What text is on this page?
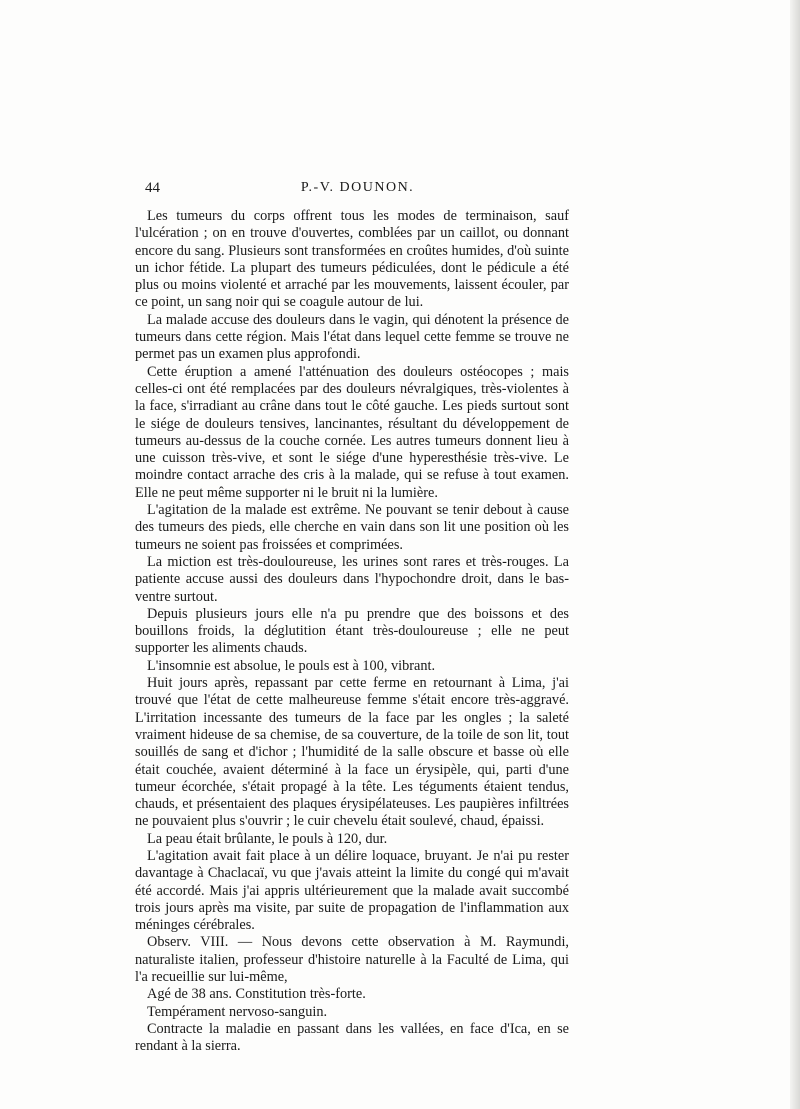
44	P.-V. DOUNON.

Les tumeurs du corps offrent tous les modes de terminaison, sauf l'ulcération ; on en trouve d'ouvertes, comblées par un caillot, ou donnant encore du sang. Plusieurs sont transformées en croûtes humides, d'où suinte un ichor fétide. La plupart des tumeurs pédiculées, dont le pédicule a été plus ou moins violenté et arraché par les mouvements, laissent écouler, par ce point, un sang noir qui se coagule autour de lui.

La malade accuse des douleurs dans le vagin, qui dénotent la présence de tumeurs dans cette région. Mais l'état dans lequel cette femme se trouve ne permet pas un examen plus approfondi.

Cette éruption a amené l'atténuation des douleurs ostéocopes ; mais celles-ci ont été remplacées par des douleurs névralgiques, très-violentes à la face, s'irradiant au crâne dans tout le côté gauche. Les pieds surtout sont le siége de douleurs tensives, lancinantes, résultant du développement de tumeurs au-dessus de la couche cornée. Les autres tumeurs donnent lieu à une cuisson très-vive, et sont le siége d'une hyperesthésie très-vive. Le moindre contact arrache des cris à la malade, qui se refuse à tout examen. Elle ne peut même supporter ni le bruit ni la lumière.

L'agitation de la malade est extrême. Ne pouvant se tenir debout à cause des tumeurs des pieds, elle cherche en vain dans son lit une position où les tumeurs ne soient pas froissées et comprimées.

La miction est très-douloureuse, les urines sont rares et très-rouges. La patiente accuse aussi des douleurs dans l'hypochondre droit, dans le bas-ventre surtout.

Depuis plusieurs jours elle n'a pu prendre que des boissons et des bouillons froids, la déglutition étant très-douloureuse ; elle ne peut supporter les aliments chauds.

L'insomnie est absolue, le pouls est à 100, vibrant.

Huit jours après, repassant par cette ferme en retournant à Lima, j'ai trouvé que l'état de cette malheureuse femme s'était encore très-aggravé. L'irritation incessante des tumeurs de la face par les ongles ; la saleté vraiment hideuse de sa chemise, de sa couverture, de la toile de son lit, tout souillés de sang et d'ichor ; l'humidité de la salle obscure et basse où elle était couchée, avaient déterminé à la face un érysipèle, qui, parti d'une tumeur écorchée, s'était propagé à la tête. Les téguments étaient tendus, chauds, et présentaient des plaques érysipélateuses. Les paupières infiltrées ne pouvaient plus s'ouvrir ; le cuir chevelu était soulevé, chaud, épaissi.

La peau était brûlante, le pouls à 120, dur.

L'agitation avait fait place à un délire loquace, bruyant. Je n'ai pu rester davantage à Chaclacaï, vu que j'avais atteint la limite du congé qui m'avait été accordé. Mais j'ai appris ultérieurement que la malade avait succombé trois jours après ma visite, par suite de propagation de l'inflammation aux méninges cérébrales.

Observ. VIII. — Nous devons cette observation à M. Raymundi, naturaliste italien, professeur d'histoire naturelle à la Faculté de Lima, qui l'a recueillie sur lui-même,

Agé de 38 ans. Constitution très-forte.

Tempérament nervoso-sanguin.

Contracte la maladie en passant dans les vallées, en face d'Ica, en se rendant à la sierra.
